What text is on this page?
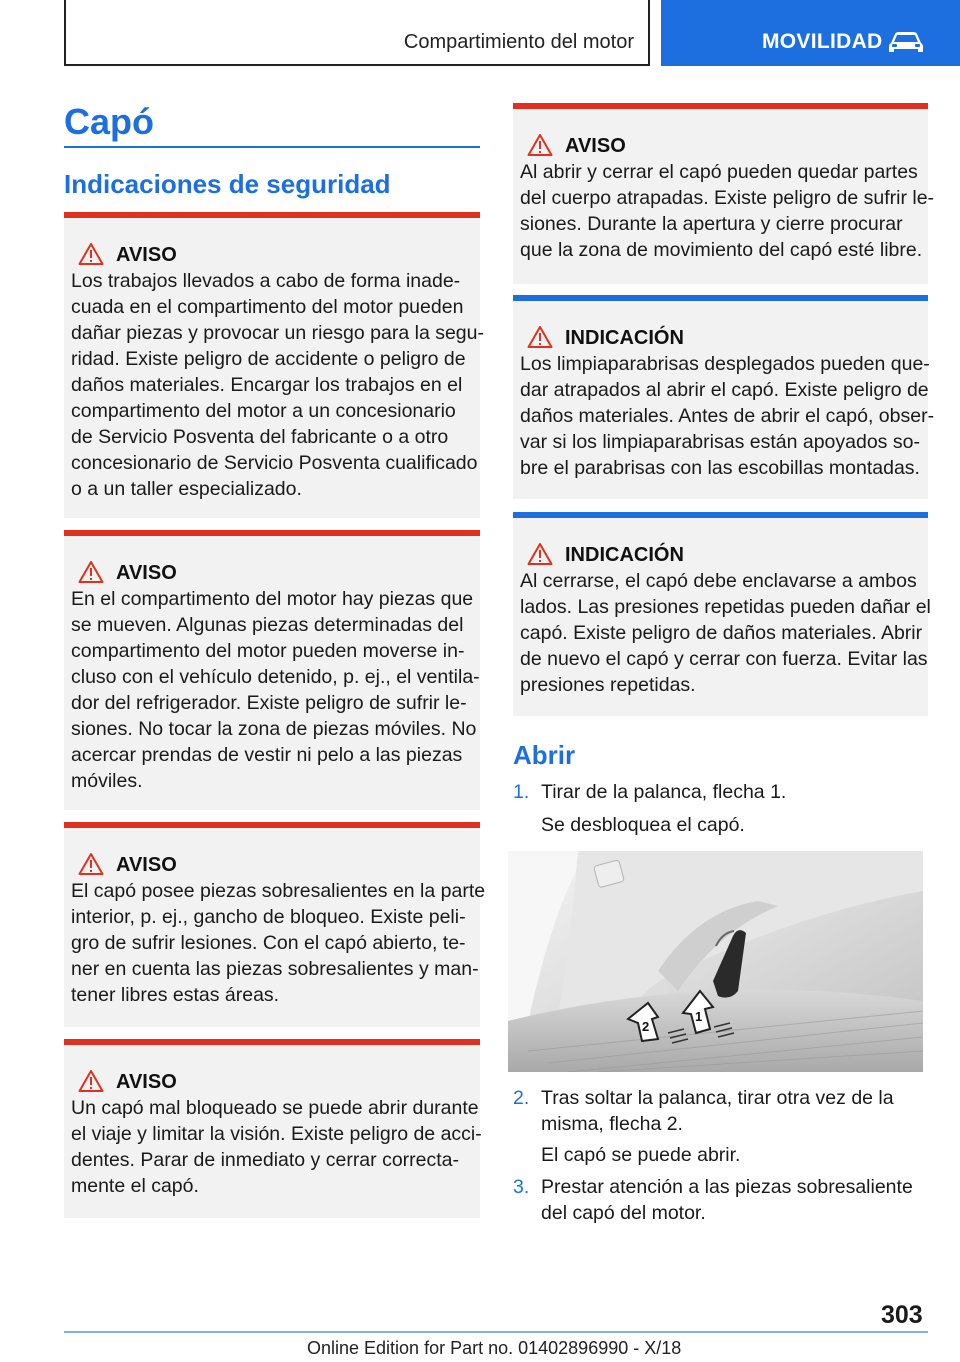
Compartimiento del motor	MOVILIDAD
Capó
Indicaciones de seguridad
AVISO
Los trabajos llevados a cabo de forma inade-
cuada en el compartimento del motor pueden
dañar piezas y provocar un riesgo para la segu-
ridad. Existe peligro de accidente o peligro de
daños materiales. Encargar los trabajos en el
compartimento del motor a un concesionario
de Servicio Posventa del fabricante o a otro
concesionario de Servicio Posventa cualificado
o a un taller especializado.
AVISO
En el compartimento del motor hay piezas que
se mueven. Algunas piezas determinadas del
compartimento del motor pueden moverse in-
cluso con el vehículo detenido, p. ej., el ventila-
dor del refrigerador. Existe peligro de sufrir le-
siones. No tocar la zona de piezas móviles. No
acercar prendas de vestir ni pelo a las piezas
móviles.
AVISO
El capó posee piezas sobresalientes en la parte
interior, p. ej., gancho de bloqueo. Existe peli-
gro de sufrir lesiones. Con el capó abierto, te-
ner en cuenta las piezas sobresalientes y man-
tener libres estas áreas.
AVISO
Un capó mal bloqueado se puede abrir durante
el viaje y limitar la visión. Existe peligro de acci-
dentes. Parar de inmediato y cerrar correcta-
mente el capó.
AVISO
Al abrir y cerrar el capó pueden quedar partes
del cuerpo atrapadas. Existe peligro de sufrir le-
siones. Durante la apertura y cierre procurar
que la zona de movimiento del capó esté libre.
INDICACIÓN
Los limpiaparabrisas desplegados pueden que-
dar atrapados al abrir el capó. Existe peligro de
daños materiales. Antes de abrir el capó, obser-
var si los limpiaparabrisas están apoyados so-
bre el parabrisas con las escobillas montadas.
INDICACIÓN
Al cerrarse, el capó debe enclavarse a ambos
lados. Las presiones repetidas pueden dañar el
capó. Existe peligro de daños materiales. Abrir
de nuevo el capó y cerrar con fuerza. Evitar las
presiones repetidas.
Abrir
1. Tirar de la palanca, flecha 1.
Se desbloquea el capó.
1
2
2. Tras soltar la palanca, tirar otra vez de la
misma, flecha 2.
El capó se puede abrir.
3. Prestar atención a las piezas sobresaliente
del capó del motor.
303
Online Edition for Part no. 01402896990 - X/18
